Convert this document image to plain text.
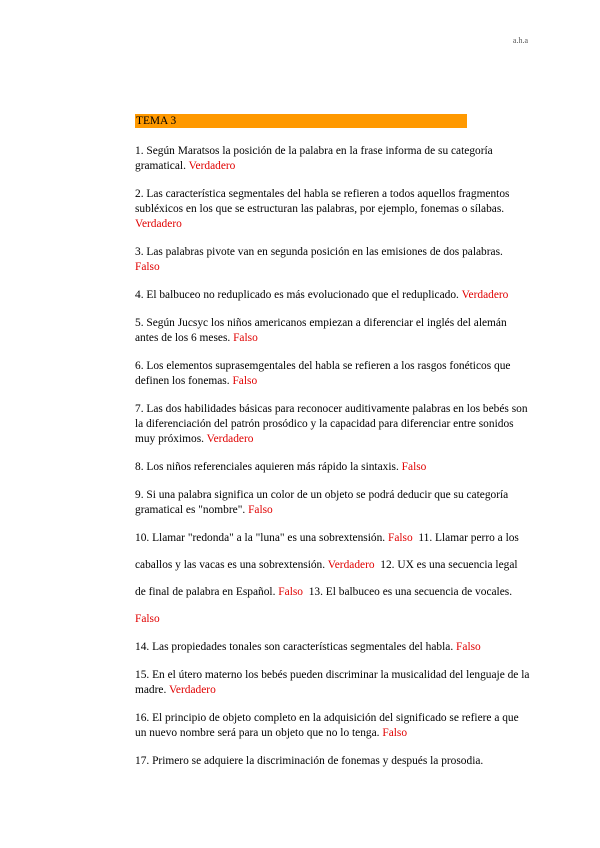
a.h.a
TEMA 3

1. Según Maratsos la posición de la palabra en la frase informa de su categoría gramatical. Verdadero

2. Las característica segmentales del habla se refieren a todos aquellos fragmentos subléxicos en los que se estructuran las palabras, por ejemplo, fonemas o sílabas. Verdadero

3. Las palabras pivote van en segunda posición en las emisiones de dos palabras. Falso

4. El balbuceo no reduplicado es más evolucionado que el reduplicado. Verdadero

5. Según Jucsyc los niños americanos empiezan a diferenciar el inglés del alemán antes de los 6 meses. Falso

6. Los elementos suprasemgentales del habla se refieren a los rasgos fonéticos que definen los fonemas. Falso

7. Las dos habilidades básicas para reconocer auditivamente palabras en los bebés son la diferenciación del patrón prosódico y la capacidad para diferenciar entre sonidos muy próximos. Verdadero

8. Los niños referenciales aquieren más rápido la sintaxis. Falso

9. Si una palabra significa un color de un objeto se podrá deducir que su categoría gramatical es "nombre". Falso

10. Llamar "redonda" a la "luna" es una sobrextensión. Falso 11. Llamar perro a los caballos y las vacas es una sobrextensión. Verdadero 12. UX es una secuencia legal de final de palabra en Español. Falso 13. El balbuceo es una secuencia de vocales. Falso

14. Las propiedades tonales son características segmentales del habla. Falso

15. En el útero materno los bebés pueden discriminar la musicalidad del lenguaje de la madre. Verdadero

16. El principio de objeto completo en la adquisición del significado se refiere a que un nuevo nombre será para un objeto que no lo tenga. Falso

17. Primero se adquiere la discriminación de fonemas y después la prosodia.
